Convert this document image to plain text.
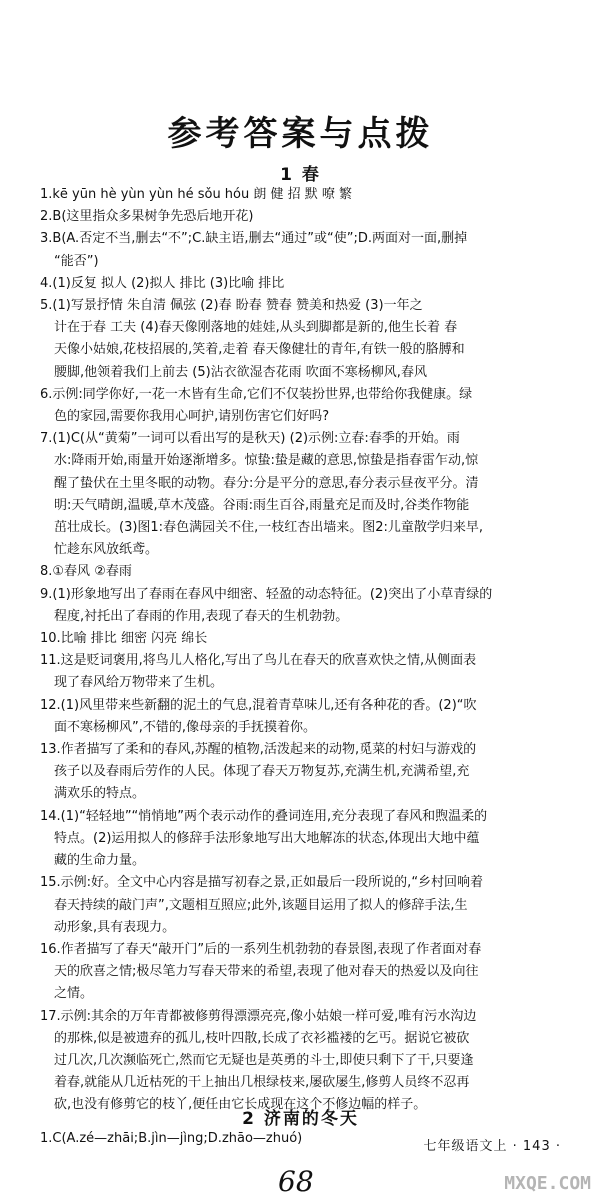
参考答案与点拨
1 春

1.kē yūn hè yùn yùn hé sǒu hóu 朗 健 招 默 嘹 繁

2.B(这里指众多果树争先恐后地开花)

3.B(A.否定不当,删去“不”;C.缺主语,删去“通过”或“使”;D.两面对一面,删掉

“能否”)

4.(1)反复 拟人 (2)拟人 排比 (3)比喻 排比

5.(1)写景抒情 朱自清 佩弦 (2)春 盼春 赞春 赞美和热爱 (3)一年之

计在于春 工夫 (4)春天像刚落地的娃娃,从头到脚都是新的,他生长着 春

天像小姑娘,花枝招展的,笑着,走着 春天像健壮的青年,有铁一般的胳膊和

腰脚,他领着我们上前去 (5)沾衣欲湿杏花雨 吹面不寒杨柳风,春风

6.示例:同学你好,一花一木皆有生命,它们不仅装扮世界,也带给你我健康。绿

色的家园,需要你我用心呵护,请别伤害它们好吗?

7.(1)C(从“黄菊”一词可以看出写的是秋天) (2)示例:立春:春季的开始。雨

水:降雨开始,雨量开始逐渐增多。惊蛰:蛰是藏的意思,惊蛰是指春雷乍动,惊

醒了蛰伏在土里冬眠的动物。春分:分是平分的意思,春分表示昼夜平分。清

明:天气晴朗,温暖,草木茂盛。谷雨:雨生百谷,雨量充足而及时,谷类作物能

茁壮成长。(3)图1:春色满园关不住,一枝红杏出墙来。图2:儿童散学归来早,

忙趁东风放纸鸢。

8.①春风 ②春雨

9.(1)形象地写出了春雨在春风中细密、轻盈的动态特征。(2)突出了小草青绿的

程度,衬托出了春雨的作用,表现了春天的生机勃勃。

10.比喻 排比 细密 闪亮 绵长

11.这是贬词褒用,将鸟儿人格化,写出了鸟儿在春天的欣喜欢快之情,从侧面表

现了春风给万物带来了生机。

12.(1)风里带来些新翻的泥土的气息,混着青草味儿,还有各种花的香。(2)“吹

面不寒杨柳风”,不错的,像母亲的手抚摸着你。

13.作者描写了柔和的春风,苏醒的植物,活泼起来的动物,觅菜的村妇与游戏的

孩子以及春雨后劳作的人民。体现了春天万物复苏,充满生机,充满希望,充

满欢乐的特点。

14.(1)“轻轻地”“悄悄地”两个表示动作的叠词连用,充分表现了春风和煦温柔的

特点。(2)运用拟人的修辞手法形象地写出大地解冻的状态,体现出大地中蕴

藏的生命力量。

15.示例:好。全文中心内容是描写初春之景,正如最后一段所说的,“乡村回响着

春天持续的敲门声”,文题相互照应;此外,该题目运用了拟人的修辞手法,生

动形象,具有表现力。

16.作者描写了春天“敲开门”后的一系列生机勃勃的春景图,表现了作者面对春

天的欣喜之情;极尽笔力写春天带来的希望,表现了他对春天的热爱以及向往

之情。

17.示例:其余的万年青都被修剪得漂漂亮亮,像小姑娘一样可爱,唯有污水沟边

的那株,似是被遗弃的孤儿,枝叶四散,长成了衣衫褴褛的乞丐。据说它被砍

过几次,几次濒临死亡,然而它无疑也是英勇的斗士,即使只剩下了干,只要逢

着春,就能从几近枯死的干上抽出几根绿枝来,屡砍屡生,修剪人员终不忍再

砍,也没有修剪它的枝丫,便任由它长成现在这个不修边幅的样子。

2 济南的冬天

1.C(A.zé—zhāi;B.jìn—jìng;D.zhāo—zhuó)

七年级语文上 · 143 ·
68	MXQE.COM
